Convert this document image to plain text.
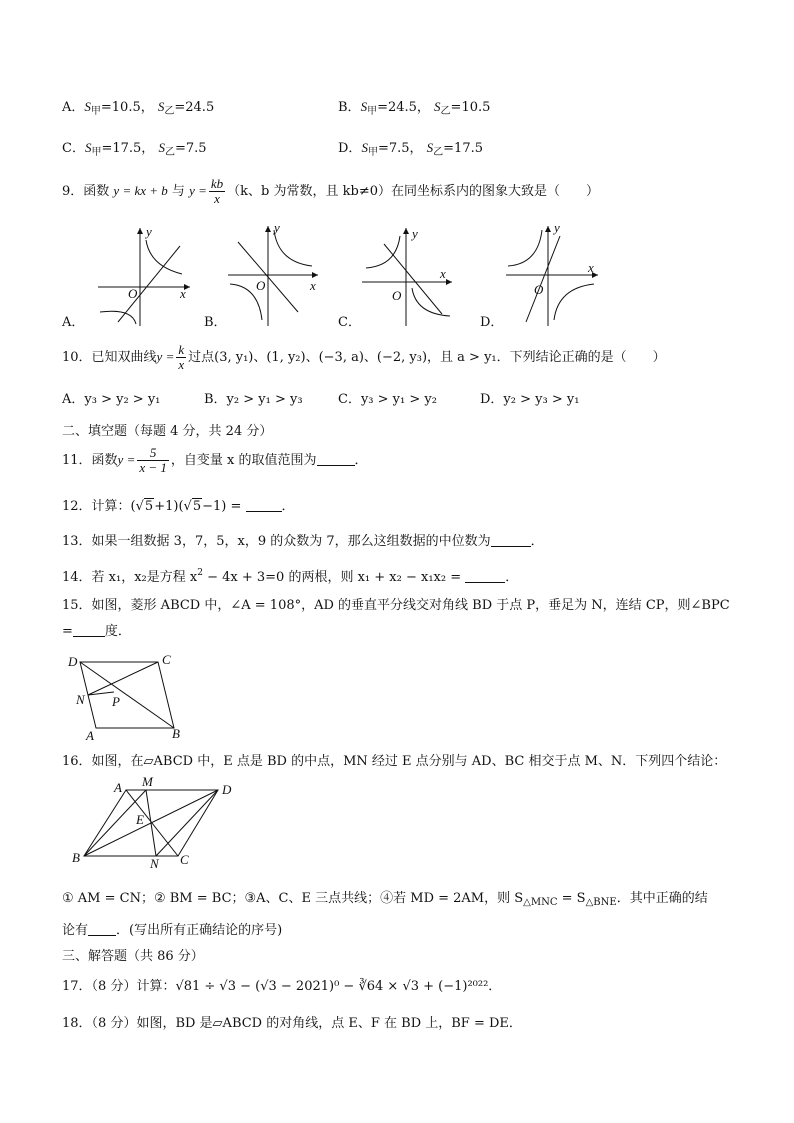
A．$S_甲=10.5$， $S_乙=24.5$	B．$S_甲=24.5$， $S_乙=10.5$
C．$S_甲=17.5$， $S_乙=7.5$	D．$S_甲=7.5$， $S_乙=17.5$
9．函数 y = kx + b 与 $y = \frac{kb}{x} (k$、b 为常数，且 kb≠0）在同坐标系内的图象大致是（　　）
x
y
O
x
y
O
x
y
O
x
y
O
A．	B．	C．	D．
10．已知双曲线$y = \frac{k}{x}$ 过点(3, y₁)、(1, y₂)、(−3, a)、(−2, y₃)，且 a > y₁．下列结论正确的是（　　）
A．y₃ > y₂ > y₁	B．y₂ > y₁ > y₃	C．y₃ > y₁ > y₂	D．y₂ > y₃ > y₁
二、填空题（每题 4 分，共 24 分）
11．函数$y = \frac{5}{x - 1}$ ，自变量 x 的取值范围为	．
12．计算：(√5+1)(√5−1) =	．
13．如果一组数据 3，7，5，x，9 的众数为 7，那么这组数据的中位数为	．
14．若 x₁，x₂是方程 $x^2 - 4x + 3=0$ 的两根，则 x₁ + x₂ − x₁x₂ =	．
15．如图，菱形 ABCD 中，∠A = 108°，AD 的垂直平分线交对角线 BD 于点 P，垂足为 N，连结 CP，则∠BPC
= 度．
D	C
N P
A	B
16．如图，在▱ABCD 中，E 点是 BD 的中点，MN 经过 E 点分别与 AD、BC 相交于点 M、N．下列四个结论：
A M
D
E
B	N C
① AM = CN；② BM = BC；③A、C、E 三点共线；④若 MD = 2AM，则 $S_{\triangle MNC} = S_{\triangle BNE}$．其中正确的结
论有 ．(写出所有正确结论的序号)
三、解答题（共 86 分）
17．（8 分）计算：√81 ÷ √3 − (√3 − 2021)⁰ − ∛64 × √3 + (−1)²⁰²²．
18．（8 分）如图，BD 是▱ABCD 的对角线，点 E、F 在 BD 上，BF = DE．
